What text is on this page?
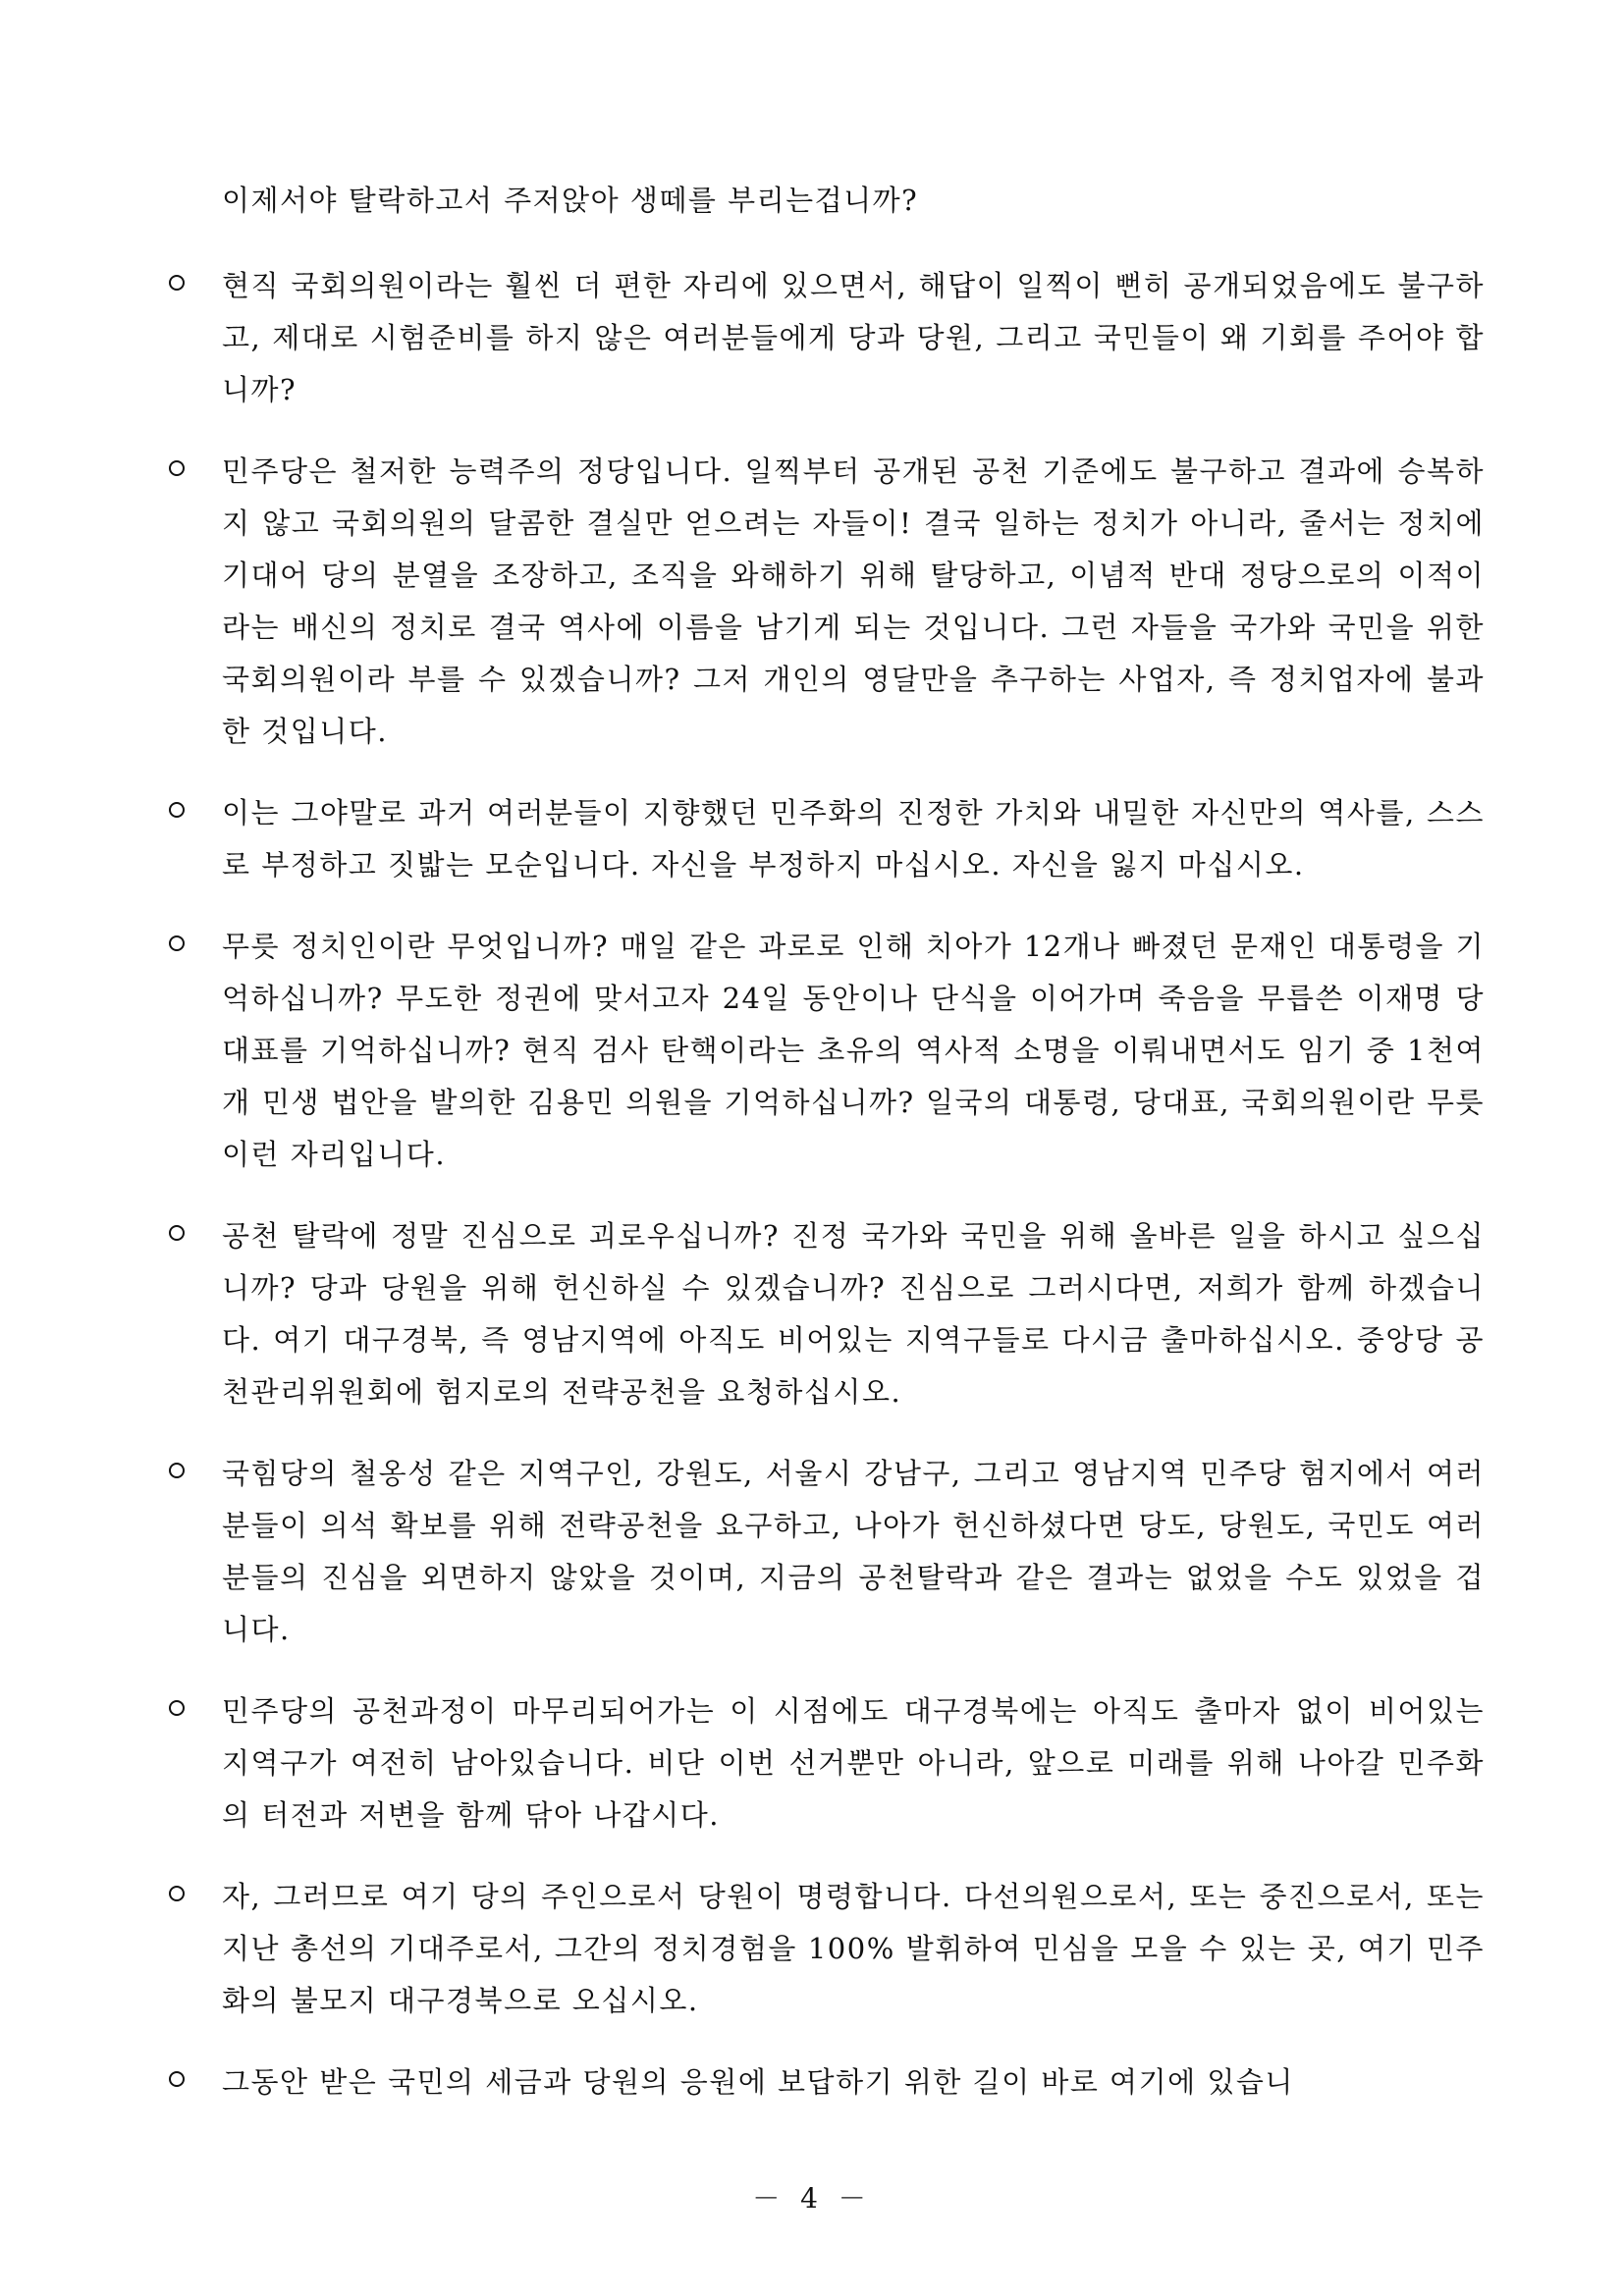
이제서야 탈락하고서 주저앉아 생떼를 부리는겁니까?
현직 국회의원이라는 훨씬 더 편한 자리에 있으면서, 해답이 일찍이 뻔히 공개되었음에도 불구하고, 제대로 시험준비를 하지 않은 여러분들에게 당과 당원, 그리고 국민들이 왜 기회를 주어야 합니까?
민주당은 철저한 능력주의 정당입니다. 일찍부터 공개된 공천 기준에도 불구하고 결과에 승복하지 않고 국회의원의 달콤한 결실만 얻으려는 자들이! 결국 일하는 정치가 아니라, 줄서는 정치에 기대어 당의 분열을 조장하고, 조직을 와해하기 위해 탈당하고, 이념적 반대 정당으로의 이적이라는 배신의 정치로 결국 역사에 이름을 남기게 되는 것입니다. 그런 자들을 국가와 국민을 위한 국회의원이라 부를 수 있겠습니까? 그저 개인의 영달만을 추구하는 사업자, 즉 정치업자에 불과한 것입니다.
이는 그야말로 과거 여러분들이 지향했던 민주화의 진정한 가치와 내밀한 자신만의 역사를, 스스로 부정하고 짓밟는 모순입니다. 자신을 부정하지 마십시오. 자신을 잃지 마십시오.
무릇 정치인이란 무엇입니까? 매일 같은 과로로 인해 치아가 12개나 빠졌던 문재인 대통령을 기억하십니까? 무도한 정권에 맞서고자 24일 동안이나 단식을 이어가며 죽음을 무릅쓴 이재명 당대표를 기억하십니까? 현직 검사 탄핵이라는 초유의 역사적 소명을 이뤄내면서도 임기 중 1천여개 민생 법안을 발의한 김용민 의원을 기억하십니까? 일국의 대통령, 당대표, 국회의원이란 무릇 이런 자리입니다.
공천 탈락에 정말 진심으로 괴로우십니까? 진정 국가와 국민을 위해 올바른 일을 하시고 싶으십니까? 당과 당원을 위해 헌신하실 수 있겠습니까? 진심으로 그러시다면, 저희가 함께 하겠습니다. 여기 대구경북, 즉 영남지역에 아직도 비어있는 지역구들로 다시금 출마하십시오. 중앙당 공천관리위원회에 험지로의 전략공천을 요청하십시오.
국힘당의 철옹성 같은 지역구인, 강원도, 서울시 강남구, 그리고 영남지역 민주당 험지에서 여러분들이 의석 확보를 위해 전략공천을 요구하고, 나아가 헌신하셨다면 당도, 당원도, 국민도 여러분들의 진심을 외면하지 않았을 것이며, 지금의 공천탈락과 같은 결과는 없었을 수도 있었을 겁니다.
민주당의 공천과정이 마무리되어가는 이 시점에도 대구경북에는 아직도 출마자 없이 비어있는 지역구가 여전히 남아있습니다. 비단 이번 선거뿐만 아니라, 앞으로 미래를 위해 나아갈 민주화의 터전과 저변을 함께 닦아 나갑시다.
자, 그러므로 여기 당의 주인으로서 당원이 명령합니다. 다선의원으로서, 또는 중진으로서, 또는 지난 총선의 기대주로서, 그간의 정치경험을 100% 발휘하여 민심을 모을 수 있는 곳, 여기 민주화의 불모지 대구경북으로 오십시오.
그동안 받은 국민의 세금과 당원의 응원에 보답하기 위한 길이 바로 여기에 있습니
－ 4 －
